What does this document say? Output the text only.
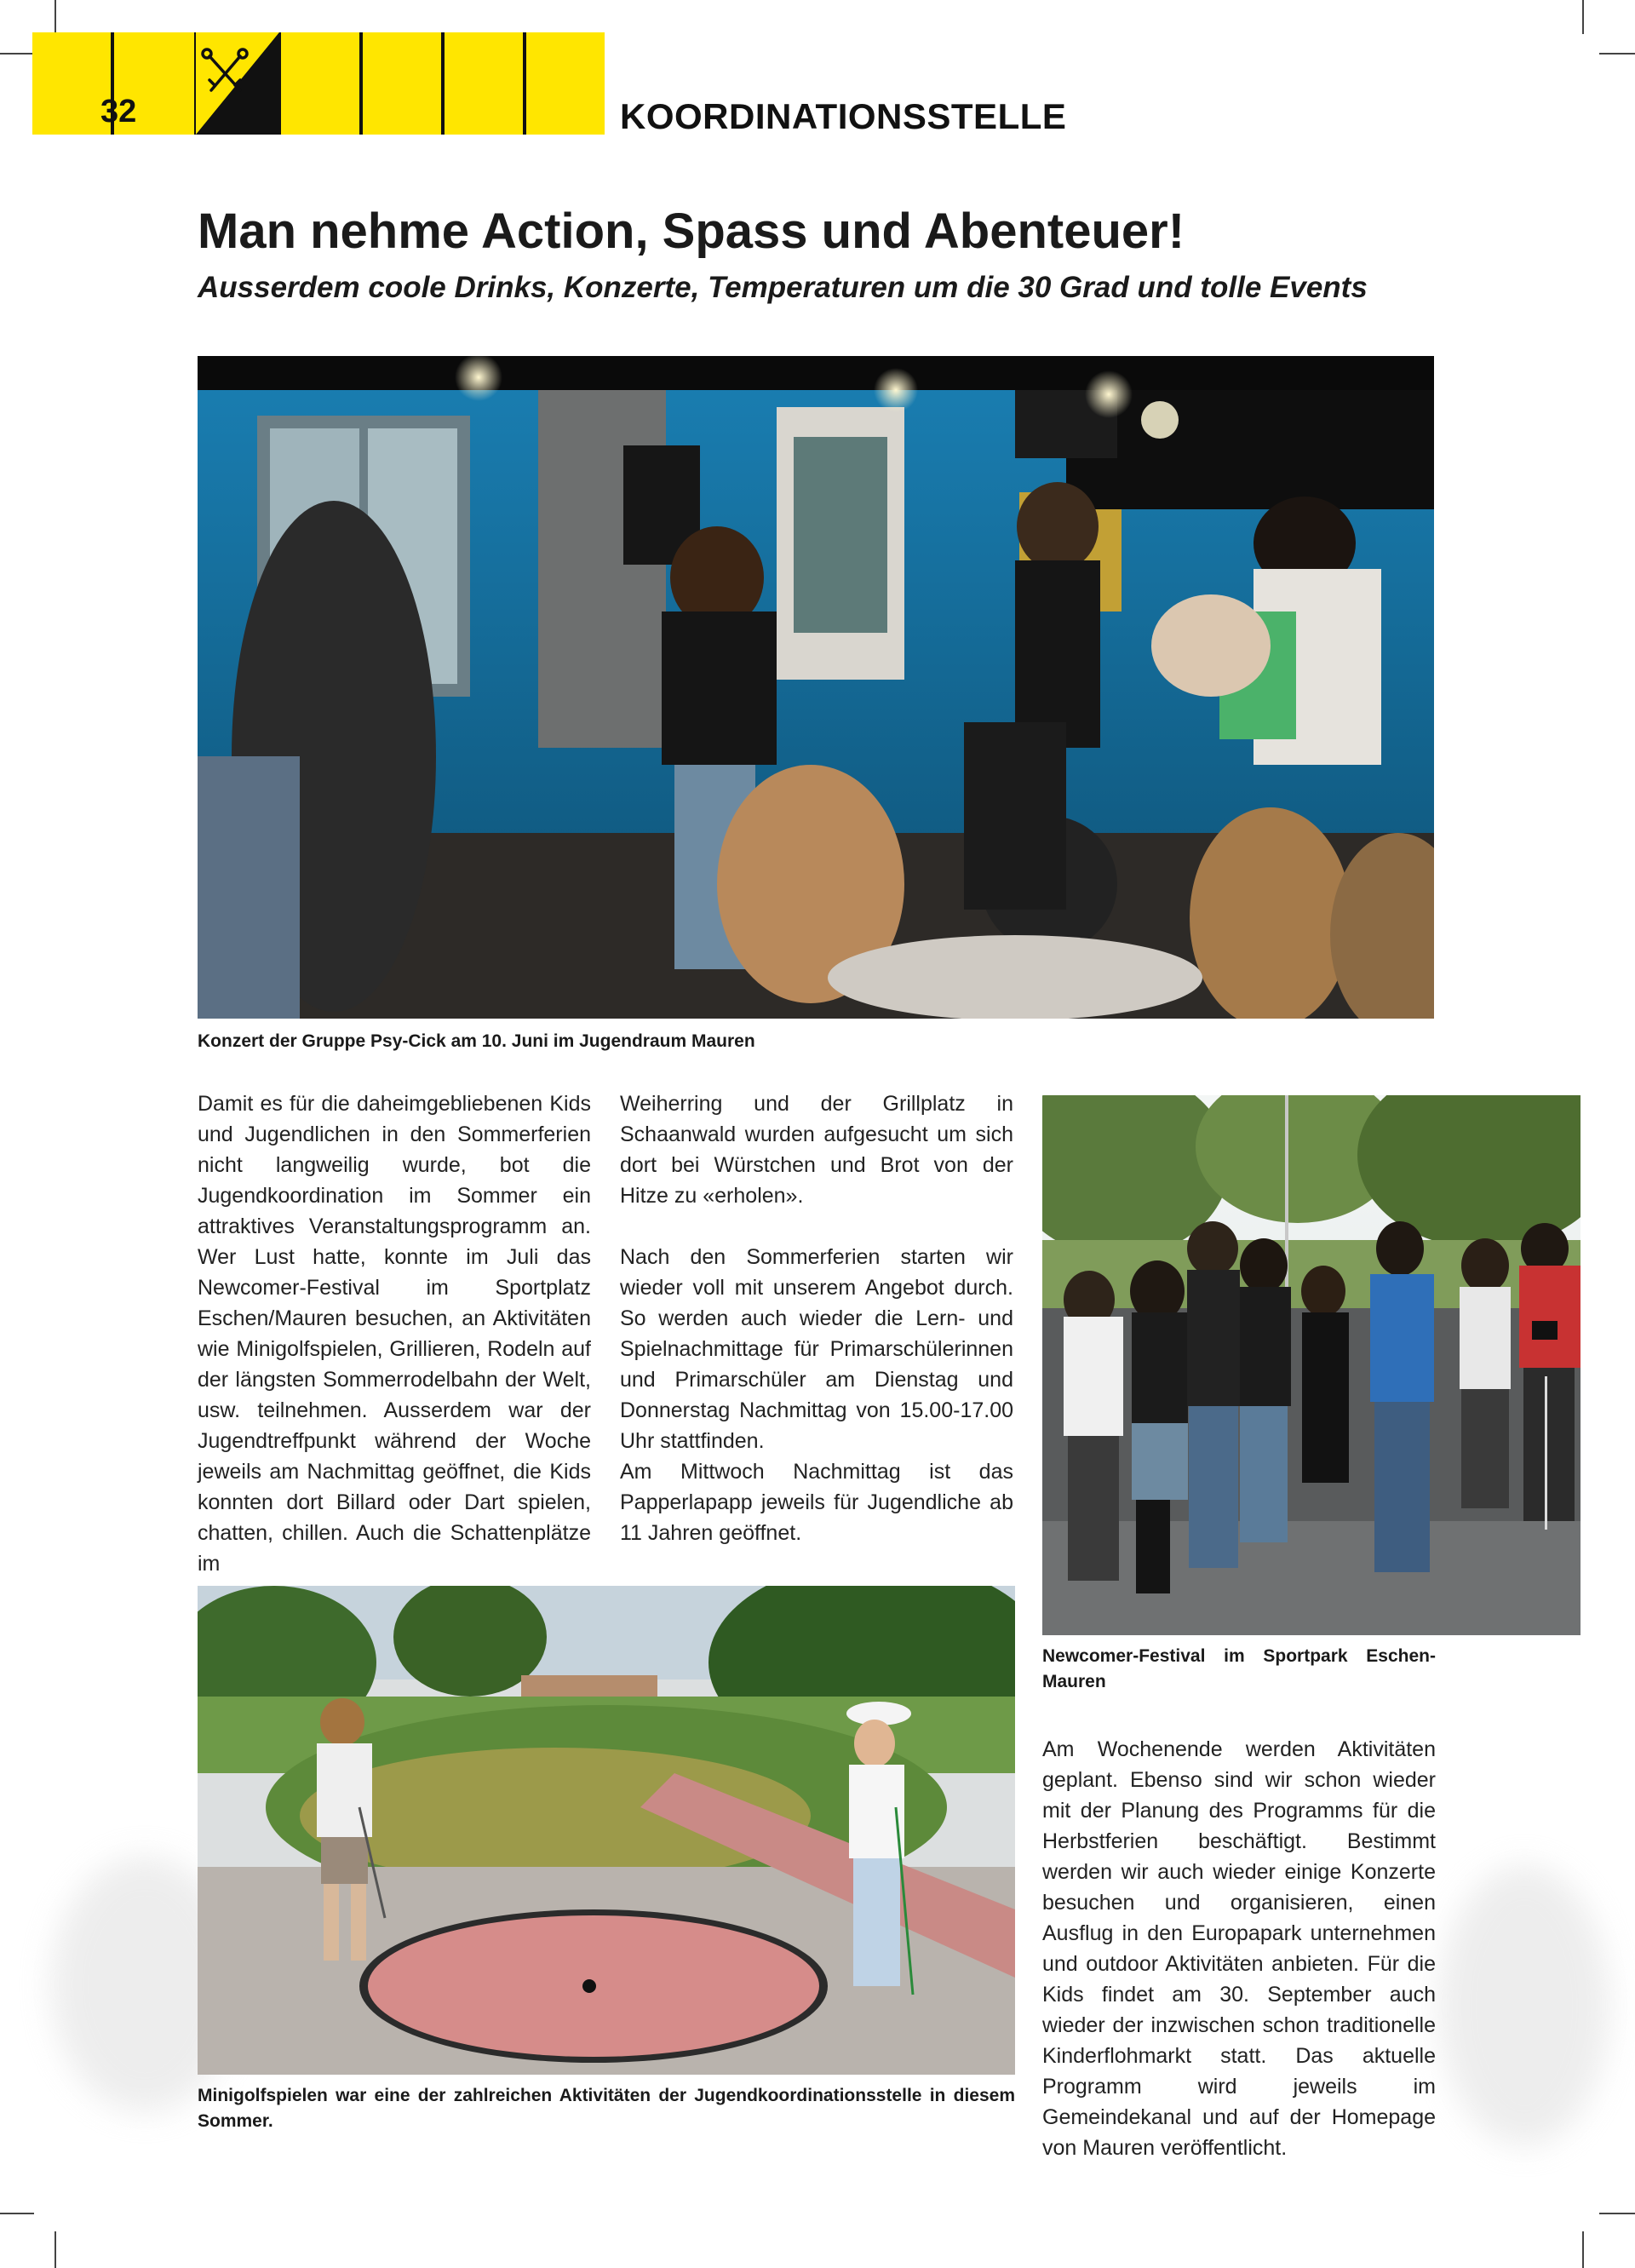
32	KOORDINATIONSSTELLE
Man nehme Action, Spass und Abenteuer!
Ausserdem coole Drinks, Konzerte, Temperaturen um die 30 Grad und tolle Events
Konzert der Gruppe Psy-Cick am 10. Juni im Jugendraum Mauren

Damit es für die daheimgebliebenen Kids und Jugendlichen in den Sommerferien nicht langweilig wurde, bot die Jugendkoordination im Sommer ein attraktives Veranstaltungsprogramm an. Wer Lust hatte, konnte im Juli das Newcomer-Festival im Sportplatz Eschen/Mauren besuchen, an Aktivitäten wie Minigolfspielen, Grillieren, Rodeln auf der längsten Sommerrodelbahn der Welt, usw. teilnehmen. Ausserdem war der Jugendtreffpunkt während der Woche jeweils am Nachmittag geöffnet, die Kids konnten dort Billard oder Dart spielen, chatten, chillen. Auch die Schattenplätze im

Weiherring und der Grillplatz in Schaanwald wurden aufgesucht um sich dort bei Würstchen und Brot von der Hitze zu «erholen».

Nach den Sommerferien starten wir wieder voll mit unserem Angebot durch. So werden auch wieder die Lern- und Spielnachmittage für Primarschülerinnen und Primarschüler am Dienstag und Donnerstag Nachmittag von 15.00-17.00 Uhr stattfinden.

Am Mittwoch Nachmittag ist das Papperlapapp jeweils für Jugendliche ab 11 Jahren geöffnet.

Newcomer-Festival im Sportpark Eschen-Mauren
Minigolfspielen war eine der zahlreichen Aktivitäten der Jugendkoordinationsstelle in diesem Sommer.

Am Wochenende werden Aktivitäten geplant. Ebenso sind wir schon wieder mit der Planung des Programms für die Herbstferien beschäftigt. Bestimmt werden wir auch wieder einige Konzerte besuchen und organisieren, einen Ausflug in den Europapark unternehmen und outdoor Aktivitäten anbieten. Für die Kids findet am 30. September auch wieder der inzwischen schon traditionelle Kinderflohmarkt statt. Das aktuelle Programm wird jeweils im Gemeindekanal und auf der Homepage von Mauren veröffentlicht.
